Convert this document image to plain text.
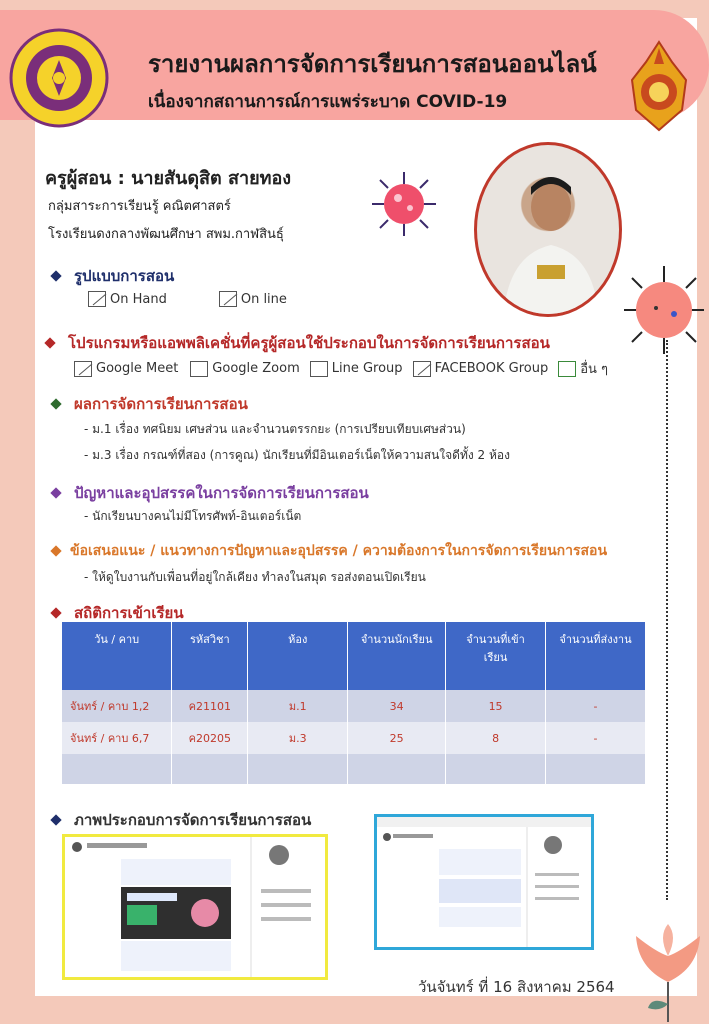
รายงานผลการจัดการเรียนการสอนออนไลน์
เนื่องจากสถานการณ์การแพร่ระบาด COVID-19
ครูผู้สอน : นายสันดุสิต สายทอง
กลุ่มสาระการเรียนรู้ คณิตศาสตร์
โรงเรียนดงกลางพัฒนศึกษา สพม.กาฬสินธุ์
รูปแบบการสอน
On Hand	On line
โปรแกรมหรือแอพพลิเคชั่นที่ครูผู้สอนใช้ประกอบในการจัดการเรียนการสอน
Google Meet	Google Zoom Line Group FACEBOOK Group อื่น ๆ
ผลการจัดการเรียนการสอน
- ม.1 เรื่อง ทศนิยม เศษส่วน และจำนวนตรรกยะ (การเปรียบเทียบเศษส่วน)
- ม.3 เรื่อง กรณฑ์ที่สอง (การคูณ) นักเรียนที่มีอินเตอร์เน็ตให้ความสนใจดีทั้ง 2 ห้อง
ปัญหาและอุปสรรคในการจัดการเรียนการสอน
- นักเรียนบางคนไม่มีโทรศัพท์-อินเตอร์เน็ต
ข้อเสนอแนะ / แนวทางการปัญหาและอุปสรรค / ความต้องการในการจัดการเรียนการสอน
- ให้ดูใบงานกับเพื่อนที่อยู่ใกล้เคียง ทำลงในสมุด รอส่งตอนเปิดเรียน
สถิติการเข้าเรียน
วัน / คาบ	รหัสวิชา	ห้อง	จำนวนนักเรียน	จำนวนที่เข้าเรียน	จำนวนที่ส่งงาน
จันทร์ / คาบ 1,2	ค21101	ม.1	34	15	-
จันทร์ / คาบ 6,7	ค20205	ม.3	25	8	-

ภาพประกอบการจัดการเรียนการสอน
วันจันทร์ ที่ 16 สิงหาคม 2564
